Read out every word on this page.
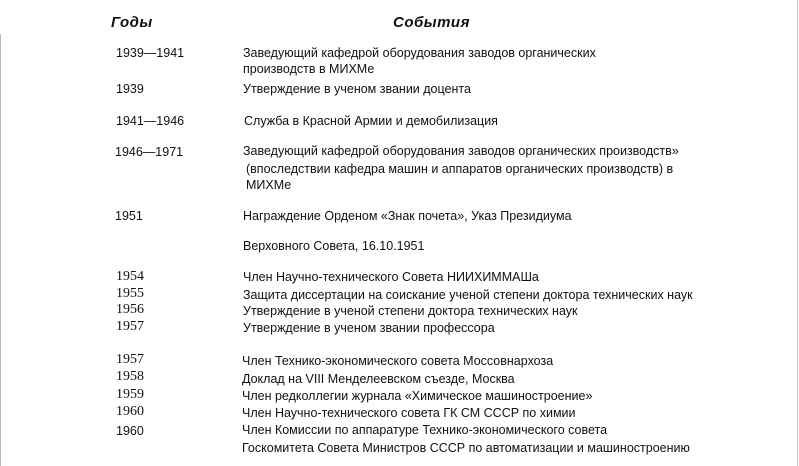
Годы	События
1939—1941	Заведующий кафедрой оборудования заводов органических
производств в МИХМе
1939	Утверждение в ученом звании доцента
1941—1946	Служба в Красной Армии и демобилизация
1946—1971	Заведующий кафедрой оборудования заводов органических производств»
(впоследствии кафедра машин и аппаратов органических производств) в
МИХМе
1951	Награждение Орденом «Знак почета», Указ Президиума
Верховного Совета, 16.10.1951
1954	Член Научно-технического Совета НИИХИММАШа
1955	Защита диссертации на соискание ученой степени доктора технических наук
1956	Утверждение в ученой степени доктора технических наук
1957	Утверждение в ученом звании профессора
1957	Член Технико-экономического совета Моссовнархоза
1958	Доклад на VIII Менделеевском съезде, Москва
1959	Член редколлегии журнала «Химическое машиностроение»
1960	Член Научно-технического совета ГК СМ СССР по химии
1960	Член Комиссии по аппаратуре Технико-экономического совета
Госкомитета Совета Министров СССР по автоматизации и машиностроению
